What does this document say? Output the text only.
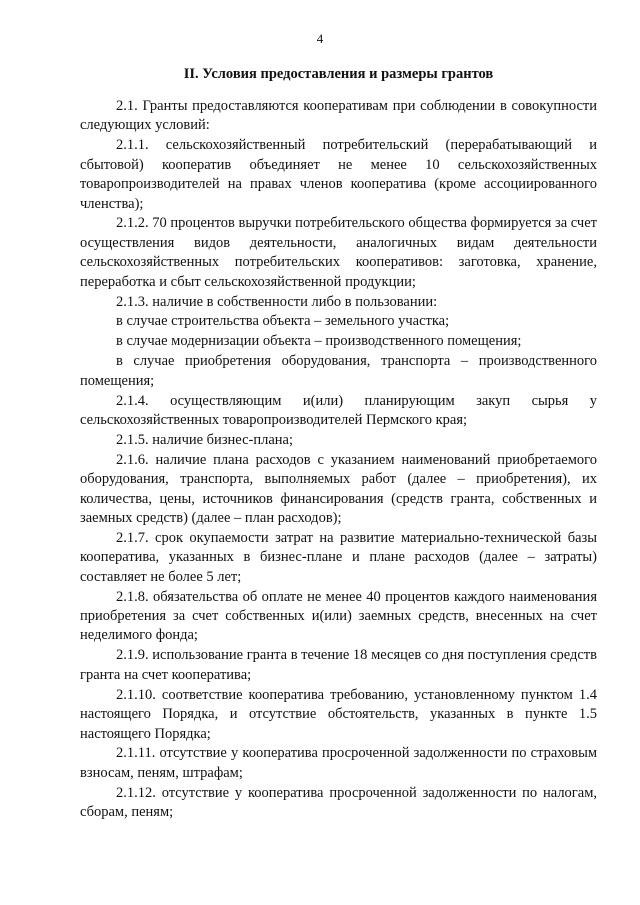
4
II. Условия предоставления и размеры грантов

2.1. Гранты предоставляются кооперативам при соблюдении в совокупности следующих условий:

2.1.1. сельскохозяйственный потребительский (перерабатывающий и сбытовой) кооператив объединяет не менее 10 сельскохозяйственных товаропроизводителей на правах членов кооператива (кроме ассоциированного членства);

2.1.2. 70 процентов выручки потребительского общества формируется за счет осуществления видов деятельности, аналогичных видам деятельности сельскохозяйственных потребительских кооперативов: заготовка, хранение, переработка и сбыт сельскохозяйственной продукции;

2.1.3. наличие в собственности либо в пользовании:

в случае строительства объекта – земельного участка;

в случае модернизации объекта – производственного помещения;

в случае приобретения оборудования, транспорта – производственного помещения;

2.1.4. осуществляющим и(или) планирующим закуп сырья у сельскохозяйственных товаропроизводителей Пермского края;

2.1.5. наличие бизнес-плана;

2.1.6. наличие плана расходов с указанием наименований приобретаемого оборудования, транспорта, выполняемых работ (далее – приобретения), их количества, цены, источников финансирования (средств гранта, собственных и заемных средств) (далее – план расходов);

2.1.7. срок окупаемости затрат на развитие материально-технической базы кооператива, указанных в бизнес-плане и плане расходов (далее – затраты) составляет не более 5 лет;

2.1.8. обязательства об оплате не менее 40 процентов каждого наименования приобретения за счет собственных и(или) заемных средств, внесенных на счет неделимого фонда;

2.1.9. использование гранта в течение 18 месяцев со дня поступления средств гранта на счет кооператива;

2.1.10. соответствие кооператива требованию, установленному пунктом 1.4 настоящего Порядка, и отсутствие обстоятельств, указанных в пункте 1.5 настоящего Порядка;

2.1.11. отсутствие у кооператива просроченной задолженности по страховым взносам, пеням, штрафам;

2.1.12. отсутствие у кооператива просроченной задолженности по налогам, сборам, пеням;
